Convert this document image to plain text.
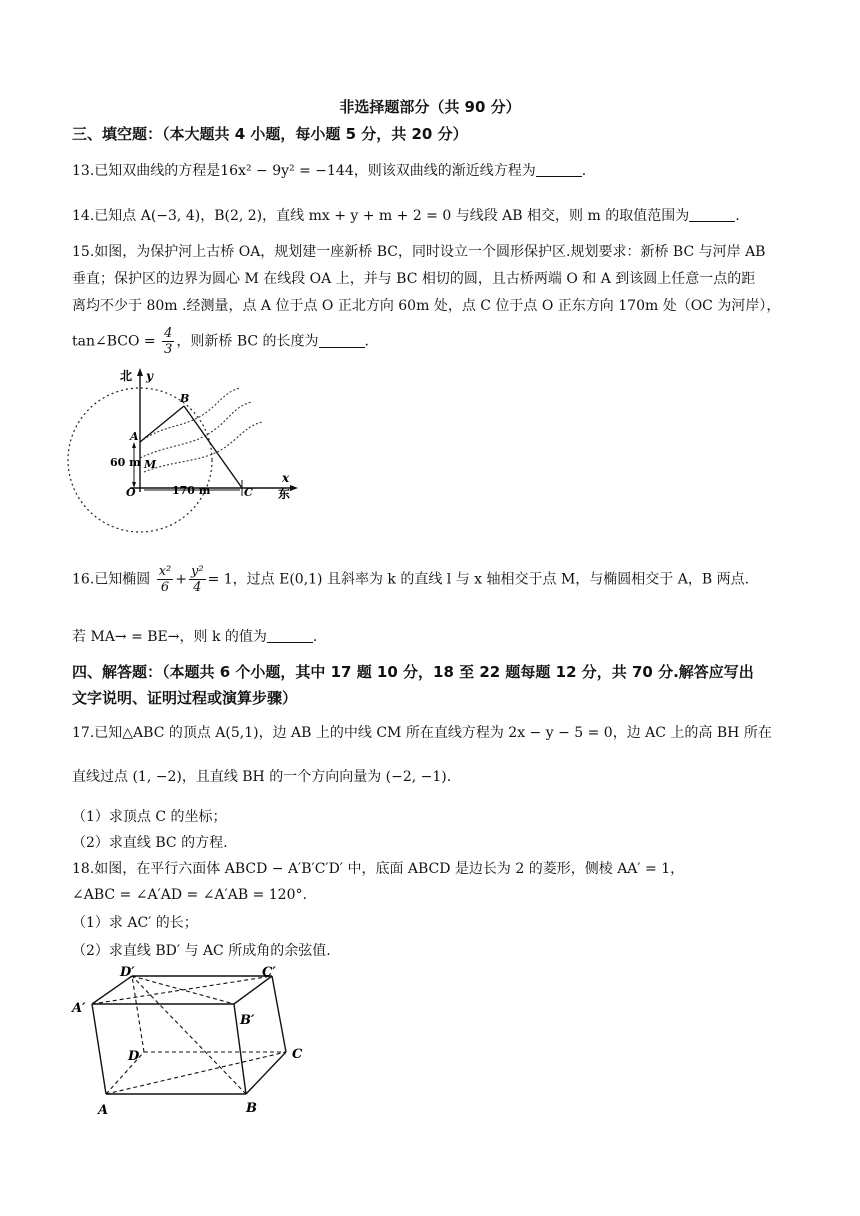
非选择题部分（共 90 分）
三、填空题：（本大题共 4 小题，每小题 5 分，共 20 分）
13.已知双曲线的方程是16x² − 9y² = −144，则该双曲线的渐近线方程为	.
14.已知点 A(−3, 4)，B(2, 2)，直线 mx + y + m + 2 = 0 与线段 AB 相交，则 m 的取值范围为	.
15.如图，为保护河上古桥 OA，规划建一座新桥 BC，同时设立一个圆形保护区.规划要求：新桥 BC 与河岸 AB
垂直；保护区的边界为圆心 M 在线段 OA 上，并与 BC 相切的圆，且古桥两端 O 和 A 到该圆上任意一点的距
离均不少于 80m .经测量，点 A 位于点 O 正北方向 60m 处，点 C 位于点 O 正东方向 170m 处（OC 为河岸），
tan∠BCO = $\frac{4}{3}$ ，则新桥 BC 的长度为	.
北 y
B
A
M
60 m
O	170 m	C
x
东
16.已知椭圆 $\frac{\text{x²}}{6} + \frac{\text{y²}}{4} = 1$，过点 E(0,1) 且斜率为 k 的直线 l 与 x 轴相交于点 M，与椭圆相交于 A，B 两点.
若 MA→ = BE→，则 k 的值为	.
四、解答题：（本题共 6 个小题，其中 17 题 10 分，18 至 22 题每题 12 分，共 70 分.解答应写出
文字说明、证明过程或演算步骤）
17.已知△ABC 的顶点 A(5,1)，边 AB 上的中线 CM 所在直线方程为 2x − y − 5 = 0，边 AC 上的高 BH 所在
直线过点 (1, −2)，且直线 BH 的一个方向向量为 (−2, −1).
（1）求顶点 C 的坐标；
（2）求直线 BC 的方程.
18.如图，在平行六面体 ABCD − A′B′C′D′ 中，底面 ABCD 是边长为 2 的菱形，侧棱 AA′ = 1，
∠ABC = ∠A′AD = ∠A′AB = 120°.
（1）求 AC′ 的长；
（2）求直线 BD′ 与 AC 所成角的余弦值.
A	B
C
D
A′
B′
C′
D′
